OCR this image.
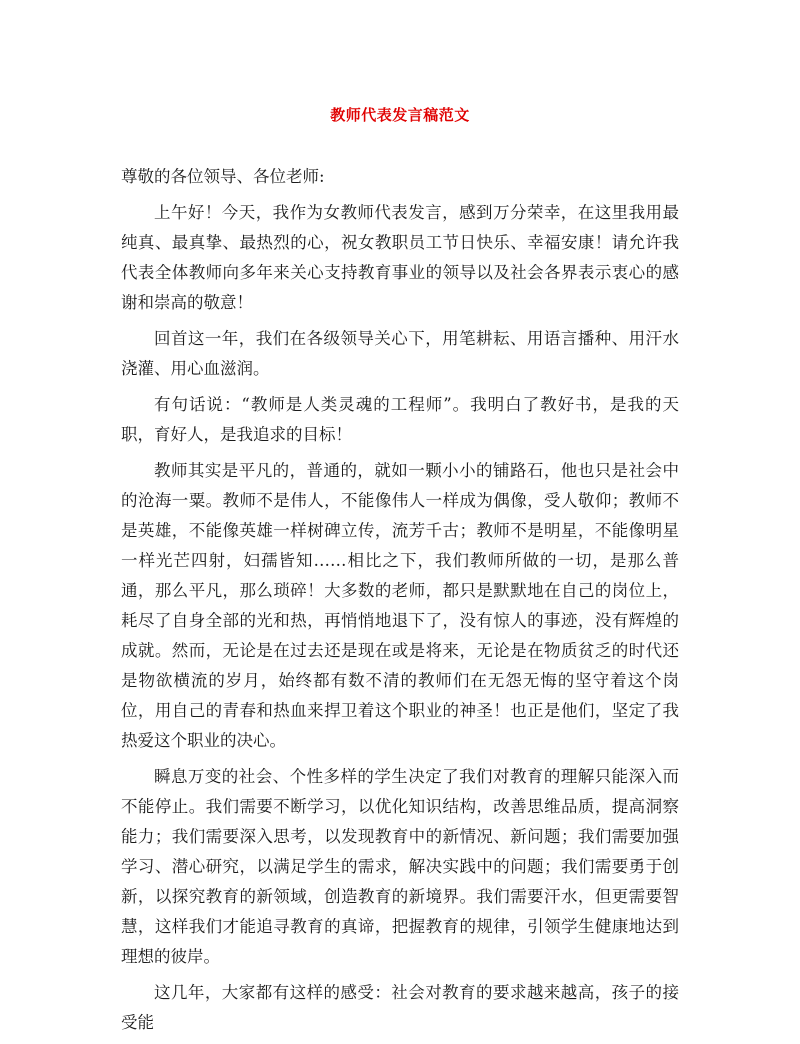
教师代表发言稿范文

尊敬的各位领导、各位老师:

上午好！今天，我作为女教师代表发言，感到万分荣幸，在这里我用最纯真、最真挚、最热烈的心，祝女教职员工节日快乐、幸福安康！请允许我代表全体教师向多年来关心支持教育事业的领导以及社会各界表示衷心的感谢和崇高的敬意！

回首这一年，我们在各级领导关心下，用笔耕耘、用语言播种、用汗水浇灌、用心血滋润。

有句话说：“教师是人类灵魂的工程师”。我明白了教好书，是我的天职，育好人，是我追求的目标！

教师其实是平凡的，普通的，就如一颗小小的铺路石，他也只是社会中的沧海一粟。教师不是伟人，不能像伟人一样成为偶像，受人敬仰；教师不是英雄，不能像英雄一样树碑立传，流芳千古；教师不是明星，不能像明星一样光芒四射，妇孺皆知……相比之下，我们教师所做的一切，是那么普通，那么平凡，那么琐碎！大多数的老师，都只是默默地在自己的岗位上，耗尽了自身全部的光和热，再悄悄地退下了，没有惊人的事迹，没有辉煌的成就。然而，无论是在过去还是现在或是将来，无论是在物质贫乏的时代还是物欲横流的岁月，始终都有数不清的教师们在无怨无悔的坚守着这个岗位，用自己的青春和热血来捍卫着这个职业的神圣！也正是他们，坚定了我热爱这个职业的决心。

瞬息万变的社会、个性多样的学生决定了我们对教育的理解只能深入而不能停止。我们需要不断学习，以优化知识结构，改善思维品质，提高洞察能力；我们需要深入思考，以发现教育中的新情况、新问题；我们需要加强学习、潜心研究，以满足学生的需求，解决实践中的问题；我们需要勇于创新，以探究教育的新领域，创造教育的新境界。我们需要汗水，但更需要智慧，这样我们才能追寻教育的真谛，把握教育的规律，引领学生健康地达到理想的彼岸。

这几年，大家都有这样的感受：社会对教育的要求越来越高，孩子的接受能
